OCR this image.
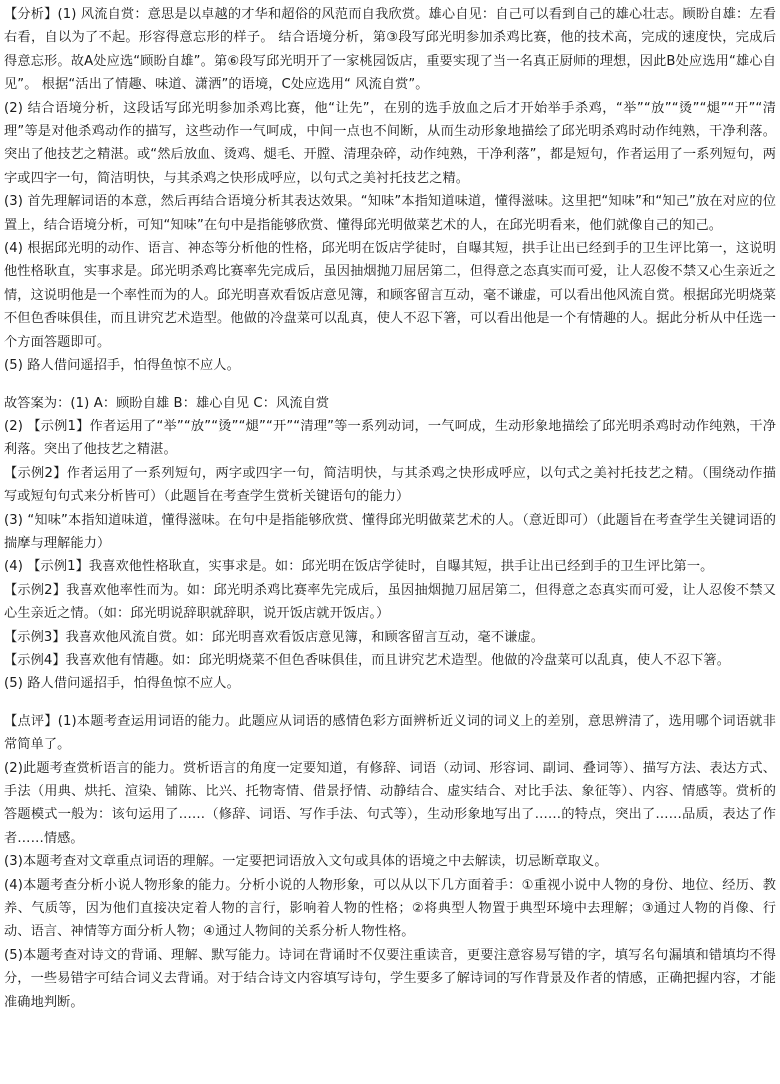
【分析】(1) 风流自赏：意思是以卓越的才华和超俗的风范而自我欣赏。雄心自见：自己可以看到自己的雄心壮志。顾盼自雄：左看右看，自以为了不起。形容得意忘形的样子。 结合语境分析，第③段写邱光明参加杀鸡比赛，他的技术高，完成的速度快，完成后得意忘形。故A处应选“顾盼自雄”。第⑥段写邱光明开了一家桃园饭店，重要实现了当一名真正厨师的理想，因此B处应选用“雄心自见”。 根据“活出了情趣、味道、潇洒”的语境，C处应选用“ 风流自赏”。

(2) 结合语境分析，这段话写邱光明参加杀鸡比赛，他“让先”，在别的选手放血之后才开始举手杀鸡，“举”“放”“烫”“煺”“开”“清理”等是对他杀鸡动作的描写，这些动作一气呵成，中间一点也不间断，从而生动形象地描绘了邱光明杀鸡时动作纯熟，干净利落。突出了他技艺之精湛。或“然后放血、烫鸡、煺毛、开膛、清理杂碎，动作纯熟，干净利落”，都是短句，作者运用了一系列短句，两字或四字一句，简洁明快，与其杀鸡之快形成呼应，以句式之美衬托技艺之精。

(3) 首先理解词语的本意，然后再结合语境分析其表达效果。“知味”本指知道味道，懂得滋味。这里把“知味”和“知己”放在对应的位置上，结合语境分析，可知“知味”在句中是指能够欣赏、懂得邱光明做菜艺术的人，在邱光明看来，他们就像自己的知己。

(4) 根据邱光明的动作、语言、神态等分析他的性格，邱光明在饭店学徒时，自曝其短，拱手让出已经到手的卫生评比第一，这说明他性格耿直，实事求是。邱光明杀鸡比赛率先完成后，虽因抽烟抛刀屈居第二，但得意之态真实而可爱，让人忍俊不禁又心生亲近之情，这说明他是一个率性而为的人。邱光明喜欢看饭店意见簿，和顾客留言互动，毫不谦虚，可以看出他风流自赏。根据邱光明烧菜不但色香味俱佳，而且讲究艺术造型。他做的冷盘菜可以乱真，使人不忍下箸，可以看出他是一个有情趣的人。据此分析从中任选一个方面答题即可。

(5) 路人借问遥招手，怕得鱼惊不应人。

故答案为：(1) A：顾盼自雄 B：雄心自见 C：风流自赏

(2) 【示例1】作者运用了“举”“放”“烫”“煺”“开”“清理”等一系列动词，一气呵成，生动形象地描绘了邱光明杀鸡时动作纯熟，干净利落。突出了他技艺之精湛。

【示例2】作者运用了一系列短句，两字或四字一句，简洁明快，与其杀鸡之快形成呼应，以句式之美衬托技艺之精。（围绕动作描写或短句句式来分析皆可）（此题旨在考查学生赏析关键语句的能力）

(3) “知味”本指知道味道，懂得滋味。在句中是指能够欣赏、懂得邱光明做菜艺术的人。（意近即可）（此题旨在考查学生关键词语的揣摩与理解能力）

(4) 【示例1】我喜欢他性格耿直，实事求是。如：邱光明在饭店学徒时，自曝其短，拱手让出已经到手的卫生评比第一。

【示例2】我喜欢他率性而为。如：邱光明杀鸡比赛率先完成后，虽因抽烟抛刀屈居第二，但得意之态真实而可爱，让人忍俊不禁又心生亲近之情。（如：邱光明说辞职就辞职，说开饭店就开饭店。）

【示例3】我喜欢他风流自赏。如：邱光明喜欢看饭店意见簿，和顾客留言互动，毫不谦虚。

【示例4】我喜欢他有情趣。如：邱光明烧菜不但色香味俱佳，而且讲究艺术造型。他做的冷盘菜可以乱真，使人不忍下箸。

(5) 路人借问遥招手，怕得鱼惊不应人。

【点评】(1)本题考查运用词语的能力。此题应从词语的感情色彩方面辨析近义词的词义上的差别，意思辨清了，选用哪个词语就非常简单了。

(2)此题考查赏析语言的能力。赏析语言的角度一定要知道，有修辞、词语（动词、形容词、副词、叠词等）、描写方法、表达方式、手法（用典、烘托、渲染、铺陈、比兴、托物寄情、借景抒情、动静结合、虚实结合、对比手法、象征等）、内容、情感等。赏析的答题模式一般为：该句运用了……（修辞、词语、写作手法、句式等），生动形象地写出了……的特点，突出了……品质，表达了作者……情感。

(3)本题考查对文章重点词语的理解。一定要把词语放入文句或具体的语境之中去解读，切忌断章取义。

(4)本题考查分析小说人物形象的能力。分析小说的人物形象，可以从以下几方面着手：①重视小说中人物的身份、地位、经历、教养、气质等，因为他们直接决定着人物的言行，影响着人物的性格；②将典型人物置于典型环境中去理解；③通过人物的肖像、行动、语言、神情等方面分析人物；④通过人物间的关系分析人物性格。

(5)本题考查对诗文的背诵、理解、默写能力。诗词在背诵时不仅要注重读音，更要注意容易写错的字，填写名句漏填和错填均不得分，一些易错字可结合词义去背诵。对于结合诗文内容填写诗句，学生要多了解诗词的写作背景及作者的情感，正确把握内容，才能准确地判断。
